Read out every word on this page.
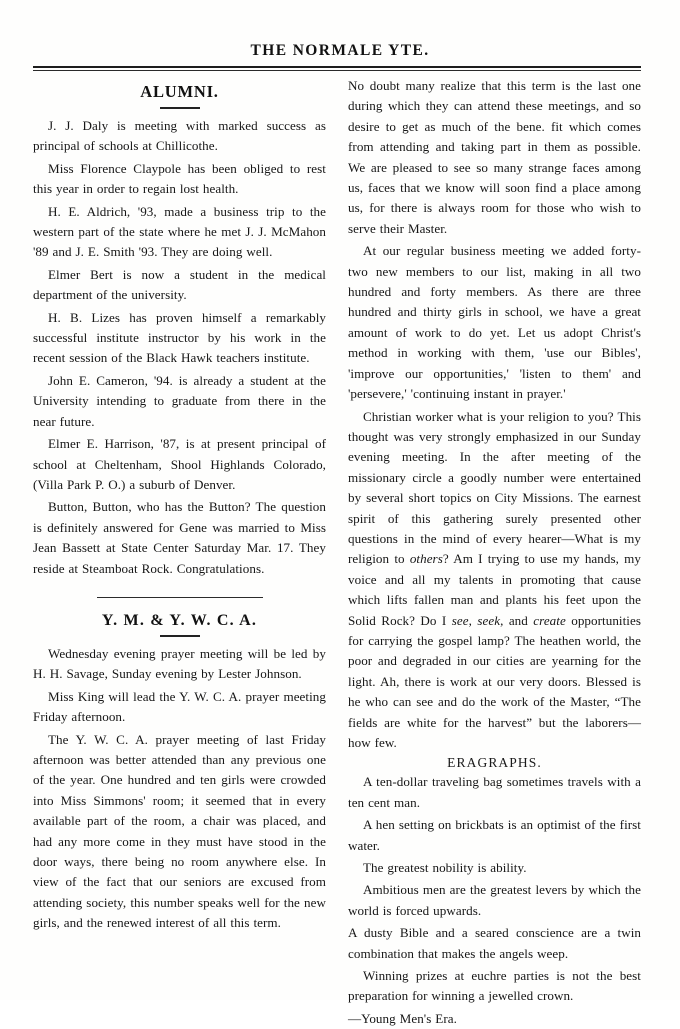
THE NORMALE YTE.
ALUMNI.

J. J. Daly is meeting with marked success as principal of schools at Chillicothe.

Miss Florence Claypole has been obliged to rest this year in order to regain lost health.

H. E. Aldrich, '93, made a business trip to the western part of the state where he met J. J. McMahon '89 and J. E. Smith '93. They are doing well.

Elmer Bert is now a student in the medical department of the university.

H. B. Lizes has proven himself a remarkably successful institute instructor by his work in the recent session of the Black Hawk teachers institute.

John E. Cameron, '94. is already a student at the University intending to graduate from there in the near future.

Elmer E. Harrison, '87, is at present principal of school at Cheltenham, Shool Highlands Colorado, (Villa Park P. O.) a suburb of Denver.

Button, Button, who has the Button? The question is definitely answered for Gene was married to Miss Jean Bassett at State Center Saturday Mar. 17. They reside at Steamboat Rock. Congratulations.

Y. M. & Y. W. C. A.

Wednesday evening prayer meeting will be led by H. H. Savage, Sunday evening by Lester Johnson.

Miss King will lead the Y. W. C. A. prayer meeting Friday afternoon.

The Y. W. C. A. prayer meeting of last Friday afternoon was better attended than any previous one of the year. One hundred and ten girls were crowded into Miss Simmons' room; it seemed that in every available part of the room, a chair was placed, and had any more come in they must have stood in the door ways, there being no room anywhere else. In view of the fact that our seniors are excused from attending society, this number speaks well for the new girls, and the renewed interest of all this term.

No doubt many realize that this term is the last one during which they can attend these meetings, and so desire to get as much of the bene. fit which comes from attending and taking part in them as possible. We are pleased to see so many strange faces among us, faces that we know will soon find a place among us, for there is always room for those who wish to serve their Master.

At our regular business meeting we added forty-two new members to our list, making in all two hundred and forty members. As there are three hundred and thirty girls in school, we have a great amount of work to do yet. Let us adopt Christ's method in working with them, 'use our Bibles', 'improve our opportunities,' 'listen to them' and 'persevere,' 'continuing instant in prayer.'

Christian worker what is your religion to you? This thought was very strongly emphasized in our Sunday evening meeting. In the after meeting of the missionary circle a goodly number were entertained by several short topics on City Missions. The earnest spirit of this gathering surely presented other questions in the mind of every hearer—What is my religion to others? Am I trying to use my hands, my voice and all my talents in promoting that cause which lifts fallen man and plants his feet upon the Solid Rock? Do I see, seek, and create opportunities for carrying the gospel lamp? The heathen world, the poor and degraded in our cities are yearning for the light. Ah, there is work at our very doors. Blessed is he who can see and do the work of the Master, “The fields are white for the harvest” but the laborers—how few.

ERAGRAPHS.

A ten-dollar traveling bag sometimes travels with a ten cent man.

A hen setting on brickbats is an optimist of the first water.

The greatest nobility is ability.

Ambitious men are the greatest levers by which the world is forced upwards.

A dusty Bible and a seared conscience are a twin combination that makes the angels weep.

Winning prizes at euchre parties is not the best preparation for winning a jewelled crown.

—Young Men's Era.
